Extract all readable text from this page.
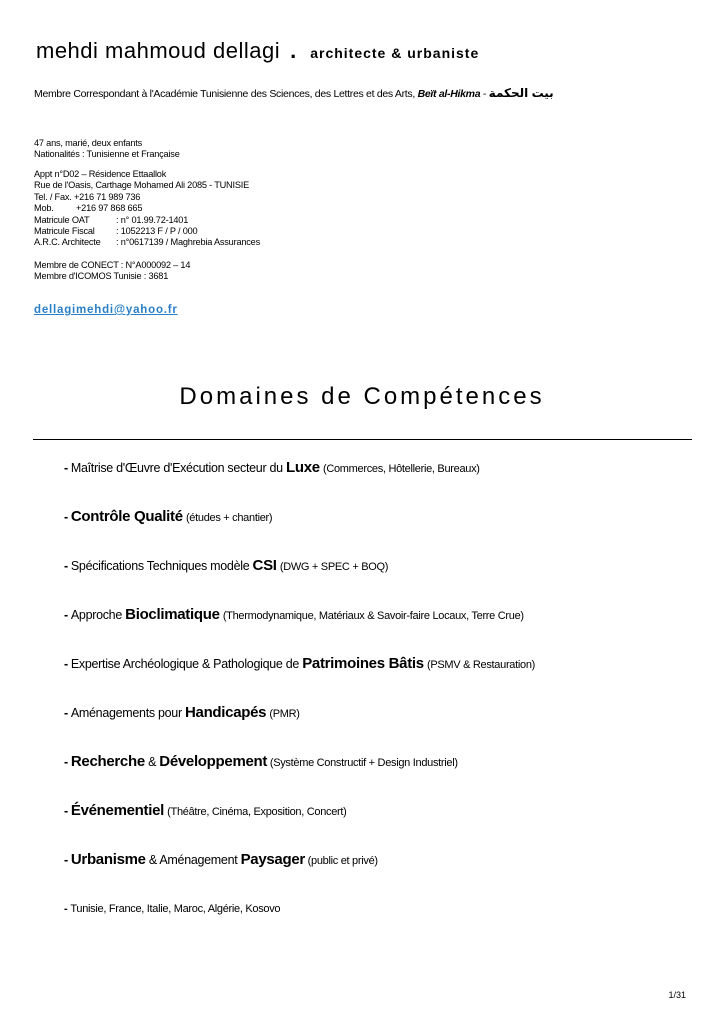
mehdi mahmoud dellagi . architecte & urbaniste
Membre Correspondant à l'Académie Tunisienne des Sciences, des Lettres et des Arts, Beït al-Hikma - بيت الحكمة
47 ans, marié, deux enfants
Nationalités : Tunisienne et Française
Appt n°D02 – Résidence Ettaallok
Rue de l'Oasis, Carthage Mohamed Ali 2085 - TUNISIE
Tel. / Fax. +216 71 989 736
Mob. +216 97 868 665
Matricule OAT	: n° 01.99.72-1401
Matricule Fiscal : 1052213 F / P / 000
A.R.C. Architecte : n°0617139 / Maghrebia Assurances
Membre de CONECT : N°A000092 – 14
Membre d'ICOMOS Tunisie : 3681
dellagimehdi@yahoo.fr
Domaines de Compétences
- Maîtrise d'Œuvre d'Exécution secteur du Luxe (Commerces, Hôtellerie, Bureaux)
- Contrôle Qualité (études + chantier)
- Spécifications Techniques modèle CSI (DWG + SPEC + BOQ)
- Approche Bioclimatique (Thermodynamique, Matériaux & Savoir-faire Locaux, Terre Crue)
- Expertise Archéologique & Pathologique de Patrimoines Bâtis (PSMV & Restauration)
- Aménagements pour Handicapés (PMR)
- Recherche & Développement (Système Constructif + Design Industriel)
- Événementiel (Théâtre, Cinéma, Exposition, Concert)
- Urbanisme & Aménagement Paysager (public et privé)
- Tunisie, France, Italie, Maroc, Algérie, Kosovo
1/31
